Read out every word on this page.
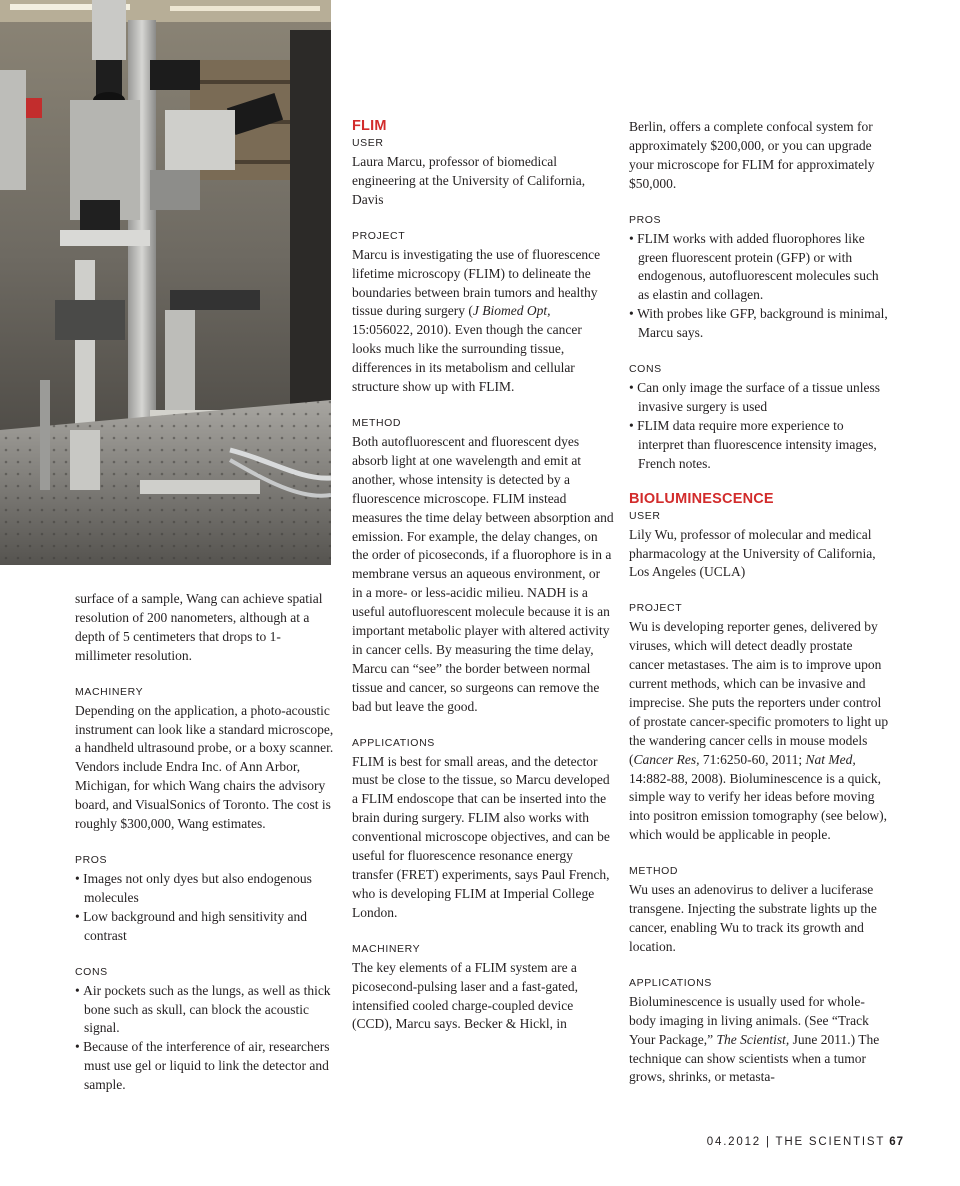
surface of a sample, Wang can achieve spatial resolution of 200 nanometers, although at a depth of 5 centimeters that drops to 1-millimeter resolution.

MACHINERY

Depending on the application, a photo-acoustic instrument can look like a standard microscope, a handheld ultrasound probe, or a boxy scanner. Vendors include Endra Inc. of Ann Arbor, Michigan, for which Wang chairs the advisory board, and VisualSonics of Toronto. The cost is roughly $300,000, Wang estimates.

PROS
• Images not only dyes but also endogenous molecules
• Low background and high sensitivity and contrast
CONS
• Air pockets such as the lungs, as well as thick bone such as skull, can block the acoustic signal.
• Because of the interference of air, researchers must use gel or liquid to link the detector and sample.
FLIM
USER

Laura Marcu, professor of biomedical engineering at the University of California, Davis

PROJECT

Marcu is investigating the use of fluorescence lifetime microscopy (FLIM) to delineate the boundaries between brain tumors and healthy tissue during surgery (J Biomed Opt, 15:056022, 2010). Even though the cancer looks much like the surrounding tissue, differences in its metabolism and cellular structure show up with FLIM.

METHOD

Both autofluorescent and fluorescent dyes absorb light at one wavelength and emit at another, whose intensity is detected by a fluorescence microscope. FLIM instead measures the time delay between absorption and emission. For example, the delay changes, on the order of picoseconds, if a fluorophore is in a membrane versus an aqueous environment, or in a more- or less-acidic milieu. NADH is a useful autofluorescent molecule because it is an important metabolic player with altered activity in cancer cells. By measuring the time delay, Marcu can “see” the border between normal tissue and cancer, so surgeons can remove the bad but leave the good.

APPLICATIONS

FLIM is best for small areas, and the detector must be close to the tissue, so Marcu developed a FLIM endoscope that can be inserted into the brain during surgery. FLIM also works with conventional microscope objectives, and can be useful for fluorescence resonance energy transfer (FRET) experiments, says Paul French, who is developing FLIM at Imperial College London.

MACHINERY

The key elements of a FLIM system are a picosecond-pulsing laser and a fast-gated, intensified cooled charge-coupled device (CCD), Marcu says. Becker & Hickl, in

Berlin, offers a complete confocal system for approximately $200,000, or you can upgrade your microscope for FLIM for approximately $50,000.

PROS
• FLIM works with added fluorophores like green fluorescent protein (GFP) or with endogenous, autofluorescent molecules such as elastin and collagen.
• With probes like GFP, background is minimal, Marcu says.
CONS
• Can only image the surface of a tissue unless invasive surgery is used
• FLIM data require more experience to interpret than fluorescence intensity images, French notes.
BIOLUMINESCENCE
USER

Lily Wu, professor of molecular and medical pharmacology at the University of California, Los Angeles (UCLA)

PROJECT

Wu is developing reporter genes, delivered by viruses, which will detect deadly prostate cancer metastases. The aim is to improve upon current methods, which can be invasive and imprecise. She puts the reporters under control of prostate cancer-specific promoters to light up the wandering cancer cells in mouse models (Cancer Res, 71:6250-60, 2011; Nat Med, 14:882-88, 2008). Bioluminescence is a quick, simple way to verify her ideas before moving into positron emission tomography (see below), which would be applicable in people.

METHOD

Wu uses an adenovirus to deliver a luciferase transgene. Injecting the substrate lights up the cancer, enabling Wu to track its growth and location.

APPLICATIONS

Bioluminescence is usually used for whole-body imaging in living animals. (See “Track Your Package,” The Scientist, June 2011.) The technique can show scientists when a tumor grows, shrinks, or metasta-

04.2012 | THE SCIENTIST 67
